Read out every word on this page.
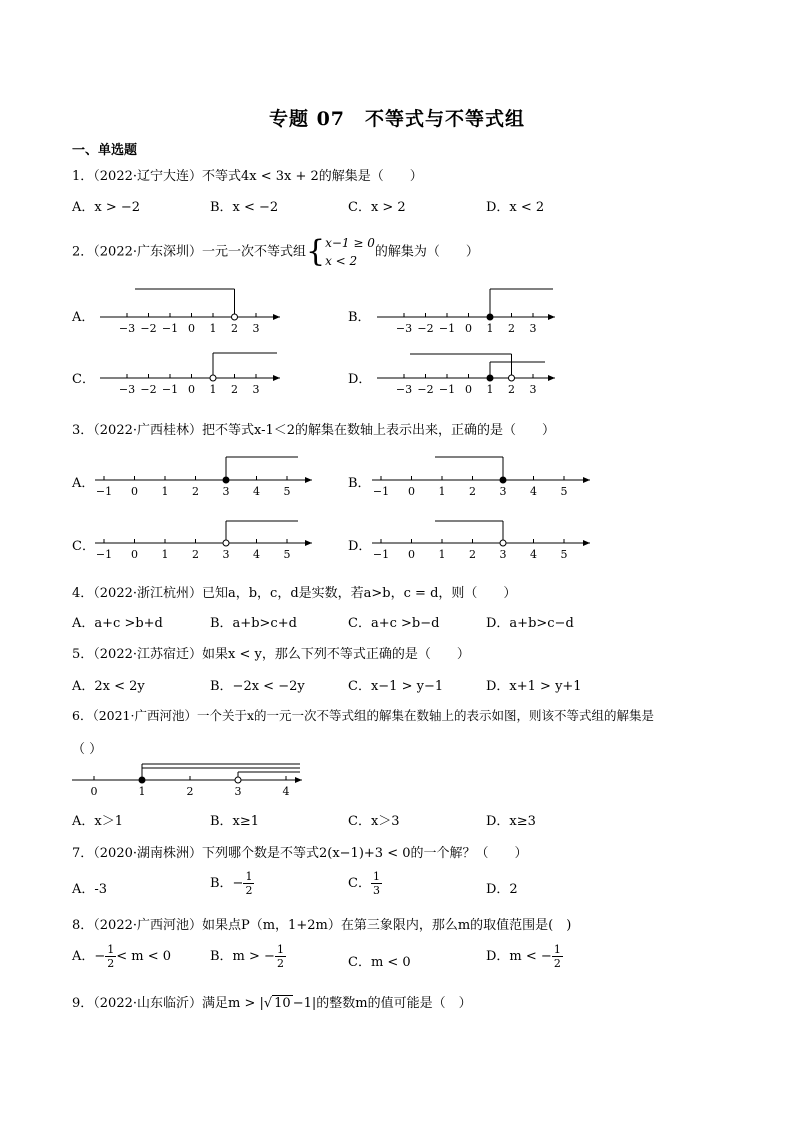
专题 07　不等式与不等式组
一、单选题
1．（2022·辽宁大连）不等式4x < 3x + 2的解集是（　　）
A．x > −2	B．x < −2	C．x > 2	D．x < 2
2．（2022·广东深圳）一元一次不等式组{ x−1 ≥ 0
x < 2
的解集为（　　）
A．	B．
C．	D．
3．（2022·广西桂林）把不等式x-1＜2的解集在数轴上表示出来，正确的是（　　）
A．	B．
C．	D．
4．（2022·浙江杭州）已知a，b，c，d是实数，若a>b，c = d，则（　　）
A．a+c >b+d	B．a+b>c+d	C．a+c >b−d	D．a+b>c−d
5．（2022·江苏宿迁）如果x < y，那么下列不等式正确的是（　　）
A．2x < 2y	B．−2x < −2y	C．x−1 > y−1	D．x+1 > y+1
6．（2021·广西河池）一个关于x的一元一次不等式组的解集在数轴上的表示如图，则该不等式组的解集是
（ ）
A．x＞1	B．x≥1	C．x＞3	D．x≥3
7．（2020·湖南株洲）下列哪个数是不等式2(x−1)+3 < 0的一个解？（　　）
A．-3	B．− $\frac{1}{2}$	C． $\frac{1}{3}$	D．2
8．（2022·广西河池）如果点P（m，1+2m）在第三象限内，那么m的取值范围是(　)
A．− $\frac{1}{2} < m < 0$	B．m > − $\frac{1}{2}$	C．m < 0	D．m < − $\frac{1}{2}$
9．（2022·山东临沂）满足m > |√ 10 −1|的整数m的值可能是（　）
−3 −2 −1 0 1 2 3	−3 −2 −1 0 1 2 3
−3 −2 −1 0 1 2 3	−3 −2 −1 0 1 2 3
−1 0 1 2 3 4 5	−1 0 1 2 3 4 5
−1 0 1 2 3 4 5	−1 0 1 2 3 4 5
0	1	2	3	4
